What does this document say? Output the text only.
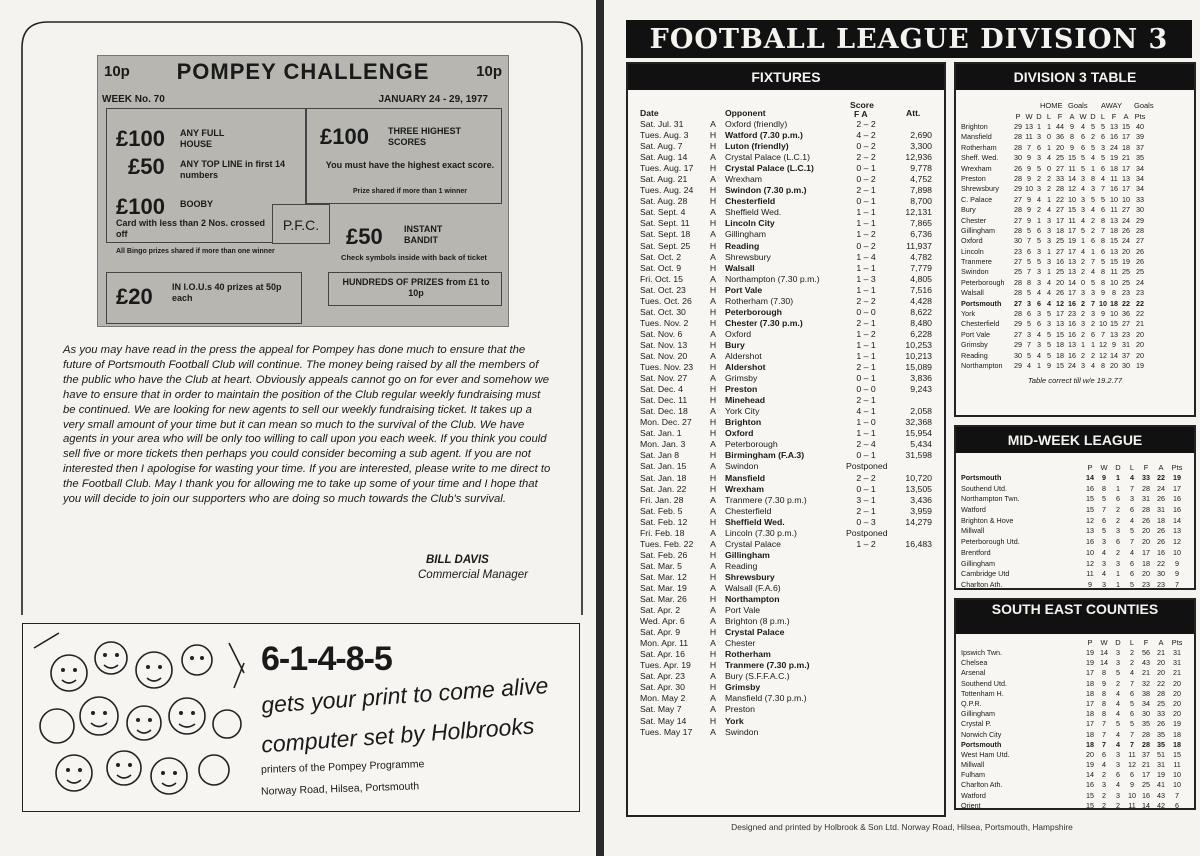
10p	10p
POMPEY CHALLENGE
WEEK No. 70	JANUARY 24 - 29, 1977
£100 ANY FULL HOUSE
£50 ANY TOP LINE in first 14 numbers
£100 THREE HIGHEST SCORES
You must have the highest exact score.
Prize shared if more than 1 winner
P.F.C.
£100 BOOBY
Card with less than 2 Nos. crossed off
All Bingo prizes shared if more than one winner
£50 INSTANT BANDIT
Check symbols inside with back of ticket
£20 IN I.O.U.s 40 prizes at 50p each
HUNDREDS OF PRIZES from £1 to 10p
As you may have read in the press the appeal for Pompey has done much to ensure that the future of Portsmouth Football Club will continue. The money being raised by all the members of the public who have the Club at heart. Obviously appeals cannot go on for ever and somehow we have to ensure that in order to maintain the position of the Club regular weekly fundraising must be continued. We are looking for new agents to sell our weekly fundraising ticket. It takes up a very small amount of your time but it can mean so much to the survival of the Club. We have agents in your area who will be only too willing to call upon you each week. If you think you could sell five or more tickets then perhaps you could consider becoming a sub agent. If you are not interested then I apologise for wasting your time. If you are interested, please write to me direct to the Football Club. May I thank you for allowing me to take up some of your time and I hope that you will decide to join our supporters who are doing so much towards the Club's survival.
BILL DAVIS
Commercial Manager
6-1-4-8-5
gets your print to come alive
computer set by Holbrooks
printers of the Pompey Programme
Norway Road, Hilsea, Portsmouth
FOOTBALL LEAGUE DIVISION 3
FIXTURES
Date	Opponent
Score
F A	Att.
Sat. Jul. 31	A Oxford (friendly)	2 – 2
Tues. Aug. 3 H Watford (7.30 p.m.)	4 – 2	2,690
Sat. Aug. 7	H Luton (friendly)	0 – 2	3,300
Sat. Aug. 14	A Crystal Palace (L.C.1)	2 – 2	12,936
Tues. Aug. 17 H Crystal Palace (L.C.1)	0 – 1	9,778
Sat. Aug. 21	A Wrexham	0 – 2	4,752
Tues. Aug. 24 H Swindon (7.30 p.m.)	2 – 1	7,898
Sat. Aug. 28	H Chesterfield	0 – 1	8,700
Sat. Sept. 4	A Sheffield Wed.	1 – 1	12,131
Sat. Sept. 11 H Lincoln City	1 – 1	7,865
Sat. Sept. 18 A Gillingham	1 – 2	6,736
Sat. Sept. 25 H Reading	0 – 2	11,937
Sat. Oct. 2	A Shrewsbury	1 – 4	4,782
Sat. Oct. 9	H Walsall	1 – 1	7,779
Fri. Oct. 15	A Northampton (7.30 p.m.)	1 – 3	4,805
Sat. Oct. 23	H Port Vale	1 – 1	7,516
Tues. Oct. 26 A Rotherham (7.30)	2 – 2	4,428
Sat. Oct. 30	H Peterborough	0 – 0	8,622
Tues. Nov. 2 H Chester (7.30 p.m.)	2 – 1	8,480
Sat. Nov. 6	A Oxford	1 – 2	6,228
Sat. Nov. 13	H Bury	1 – 1	10,253
Sat. Nov. 20	A Aldershot	1 – 1	10,213
Tues. Nov. 23 H Aldershot	2 – 1	15,089
Sat. Nov. 27	A Grimsby	0 – 1	3,836
Sat. Dec. 4	H Preston	0 – 0	9,243
Sat. Dec. 11	H Minehead	2 – 1
Sat. Dec. 18	A York City	4 – 1	2,058
Mon. Dec. 27 H Brighton	1 – 0	32,368
Sat. Jan. 1	H Oxford	1 – 1	15,954
Mon. Jan. 3	A Peterborough	2 – 4	5,434
Sat. Jan 8	H Birmingham (F.A.3)	0 – 1	31,598
Sat. Jan. 15	A Swindon	Postponed
Sat. Jan. 18	H Mansfield	2 – 2	10,720
Sat. Jan. 22	H Wrexham	0 – 1	13,505
Fri. Jan. 28	A Tranmere (7.30 p.m.)	3 – 1	3,436
Sat. Feb. 5	A Chesterfield	2 – 1	3,959
Sat. Feb. 12	H Sheffield Wed.	0 – 3	14,279
Fri. Feb. 18	A Lincoln (7.30 p.m.)	Postponed
Tues. Feb. 22 A Crystal Palace	1 – 2	16,483
Sat. Feb. 26	H Gillingham
Sat. Mar. 5	A Reading
Sat. Mar. 12	H Shrewsbury
Sat. Mar. 19	A Walsall (F.A.6)
Sat. Mar. 26	H Northampton
Sat. Apr. 2	A Port Vale
Wed. Apr. 6	A Brighton (8 p.m.)
Sat. Apr. 9	H Crystal Palace
Mon. Apr. 11	A Chester
Sat. Apr. 16	H Rotherham
Tues. Apr. 19 H Tranmere (7.30 p.m.)
Sat. Apr. 23	A Bury (S.F.F.A.C.)
Sat. Apr. 30	H Grimsby
Mon. May 2	A Mansfield (7.30 p.m.)
Sat. May 7	A Preston
Sat. May 14	H York
Tues. May 17 A Swindon
DIVISION 3 TABLE
HOME Goals AWAY Goals
P W D L F A W D L F A Pts
Brighton	29 13 1 1 44 9 4 5 5 13 15 40
Mansfield	28 11 3 0 36 8 6 2 6 16 17 39
Rotherham 28 7 6 1 20 9 6 5 3 24 18 37
Sheff. Wed. 30 9 3 4 25 15 5 4 5 19 21 35
Wrexham	26 9 5 0 27 11 5 1 6 18 17 34
Preston	28 9 2 2 33 14 3 8 4 11 13 34
Shrewsbury 29 10 3 2 28 12 4 3 7 16 17 34
C. Palace	27 9 4 1 22 10 3 5 5 10 10 33
Bury	28 9 2 4 27 15 3 4 6 11 27 30
Chester	27 9 1 3 17 11 4 2 8 13 24 29
Gillingham	28 5 6 3 18 17 5 2 7 18 26 28
Oxford	30 7 5 3 25 19 1 6 8 15 24 27
Lincoln	23 6 3 1 27 17 4 1 6 13 20 26
Tranmere	27 5 5 3 16 13 2 7 5 15 19 26
Swindon	25 7 3 1 25 13 2 4 8 11 25 25
Peterborough 28 8 3 4 20 14 0 5 8 10 25 24
Walsall	28 5 4 4 26 17 3 3 9 8 23 23
Portsmouth 27 3 6 4 12 16 2 7 10 18 22 22
York	28 6 3 5 17 23 2 3 9 10 36 22
Chesterfield 29 5 6 3 13 16 3 2 10 15 27 21
Port Vale	27 3 4 5 15 16 2 6 7 13 23 20
Grimsby	29 7 3 5 18 13 1 1 12 9 31 20
Reading	30 5 4 5 18 16 2 2 12 14 37 20
Northampton 29 4 1 9 15 24 3 4 8 20 30 19
Table correct till w/e 19.2.77
MID-WEEK LEAGUE
P	W	D	L	F	A	Pts
Portsmouth	14	9	1	4	33 22 19
Southend Utd.	16	8	1	7	28 24 17
Northampton Twn.	15	5	6	3	31 26 16
Watford	15	7	2	6	28 31 16
Brighton & Hove	12	6	2	4	26 18 14
Millwall	13	5	3	5	20 26 13
Peterborough Utd.	16	3	6	7	20 26 12
Brentford	10	4	2	4	17 16 10
Gillingham	12	3	3	6	18 22	9
Cambridge Utd	11	4	1	6	20 30	9
Charlton Ath.	9	3	1	5	23 23	7
SOUTH EAST COUNTIES
P	W	D	L	F	A	Pts
Ipswich Twn.	19 14	3	2	56 21 31
Chelsea	19 14	3	2	43 20 31
Arsenal	17	8	5	4	21 20 21
Southend Utd.	18	9	2	7	32 22 20
Tottenham H.	18	8	4	6	38 28 20
Q.P.R.	17	8	4	5	34 25 20
Gillingham	18	8	4	6	30 33 20
Crystal P.	17	7	5	5	35 26 19
Norwich City	18	7	4	7	28 35 18
Portsmouth	18	7	4	7	28 35 18
West Ham Utd.	20	6	3	11 37 51 15
Millwall	19	4	3	12 21 31	11
Fulham	14	2	6	6	17 19 10
Charlton Ath.	16	3	4	9	25 41 10
Watford	15	2	3	10 16 43	7
Orient	15	2	2	11 14 42	6
Designed and printed by Holbrook & Son Ltd. Norway Road, Hilsea, Portsmouth, Hampshire
